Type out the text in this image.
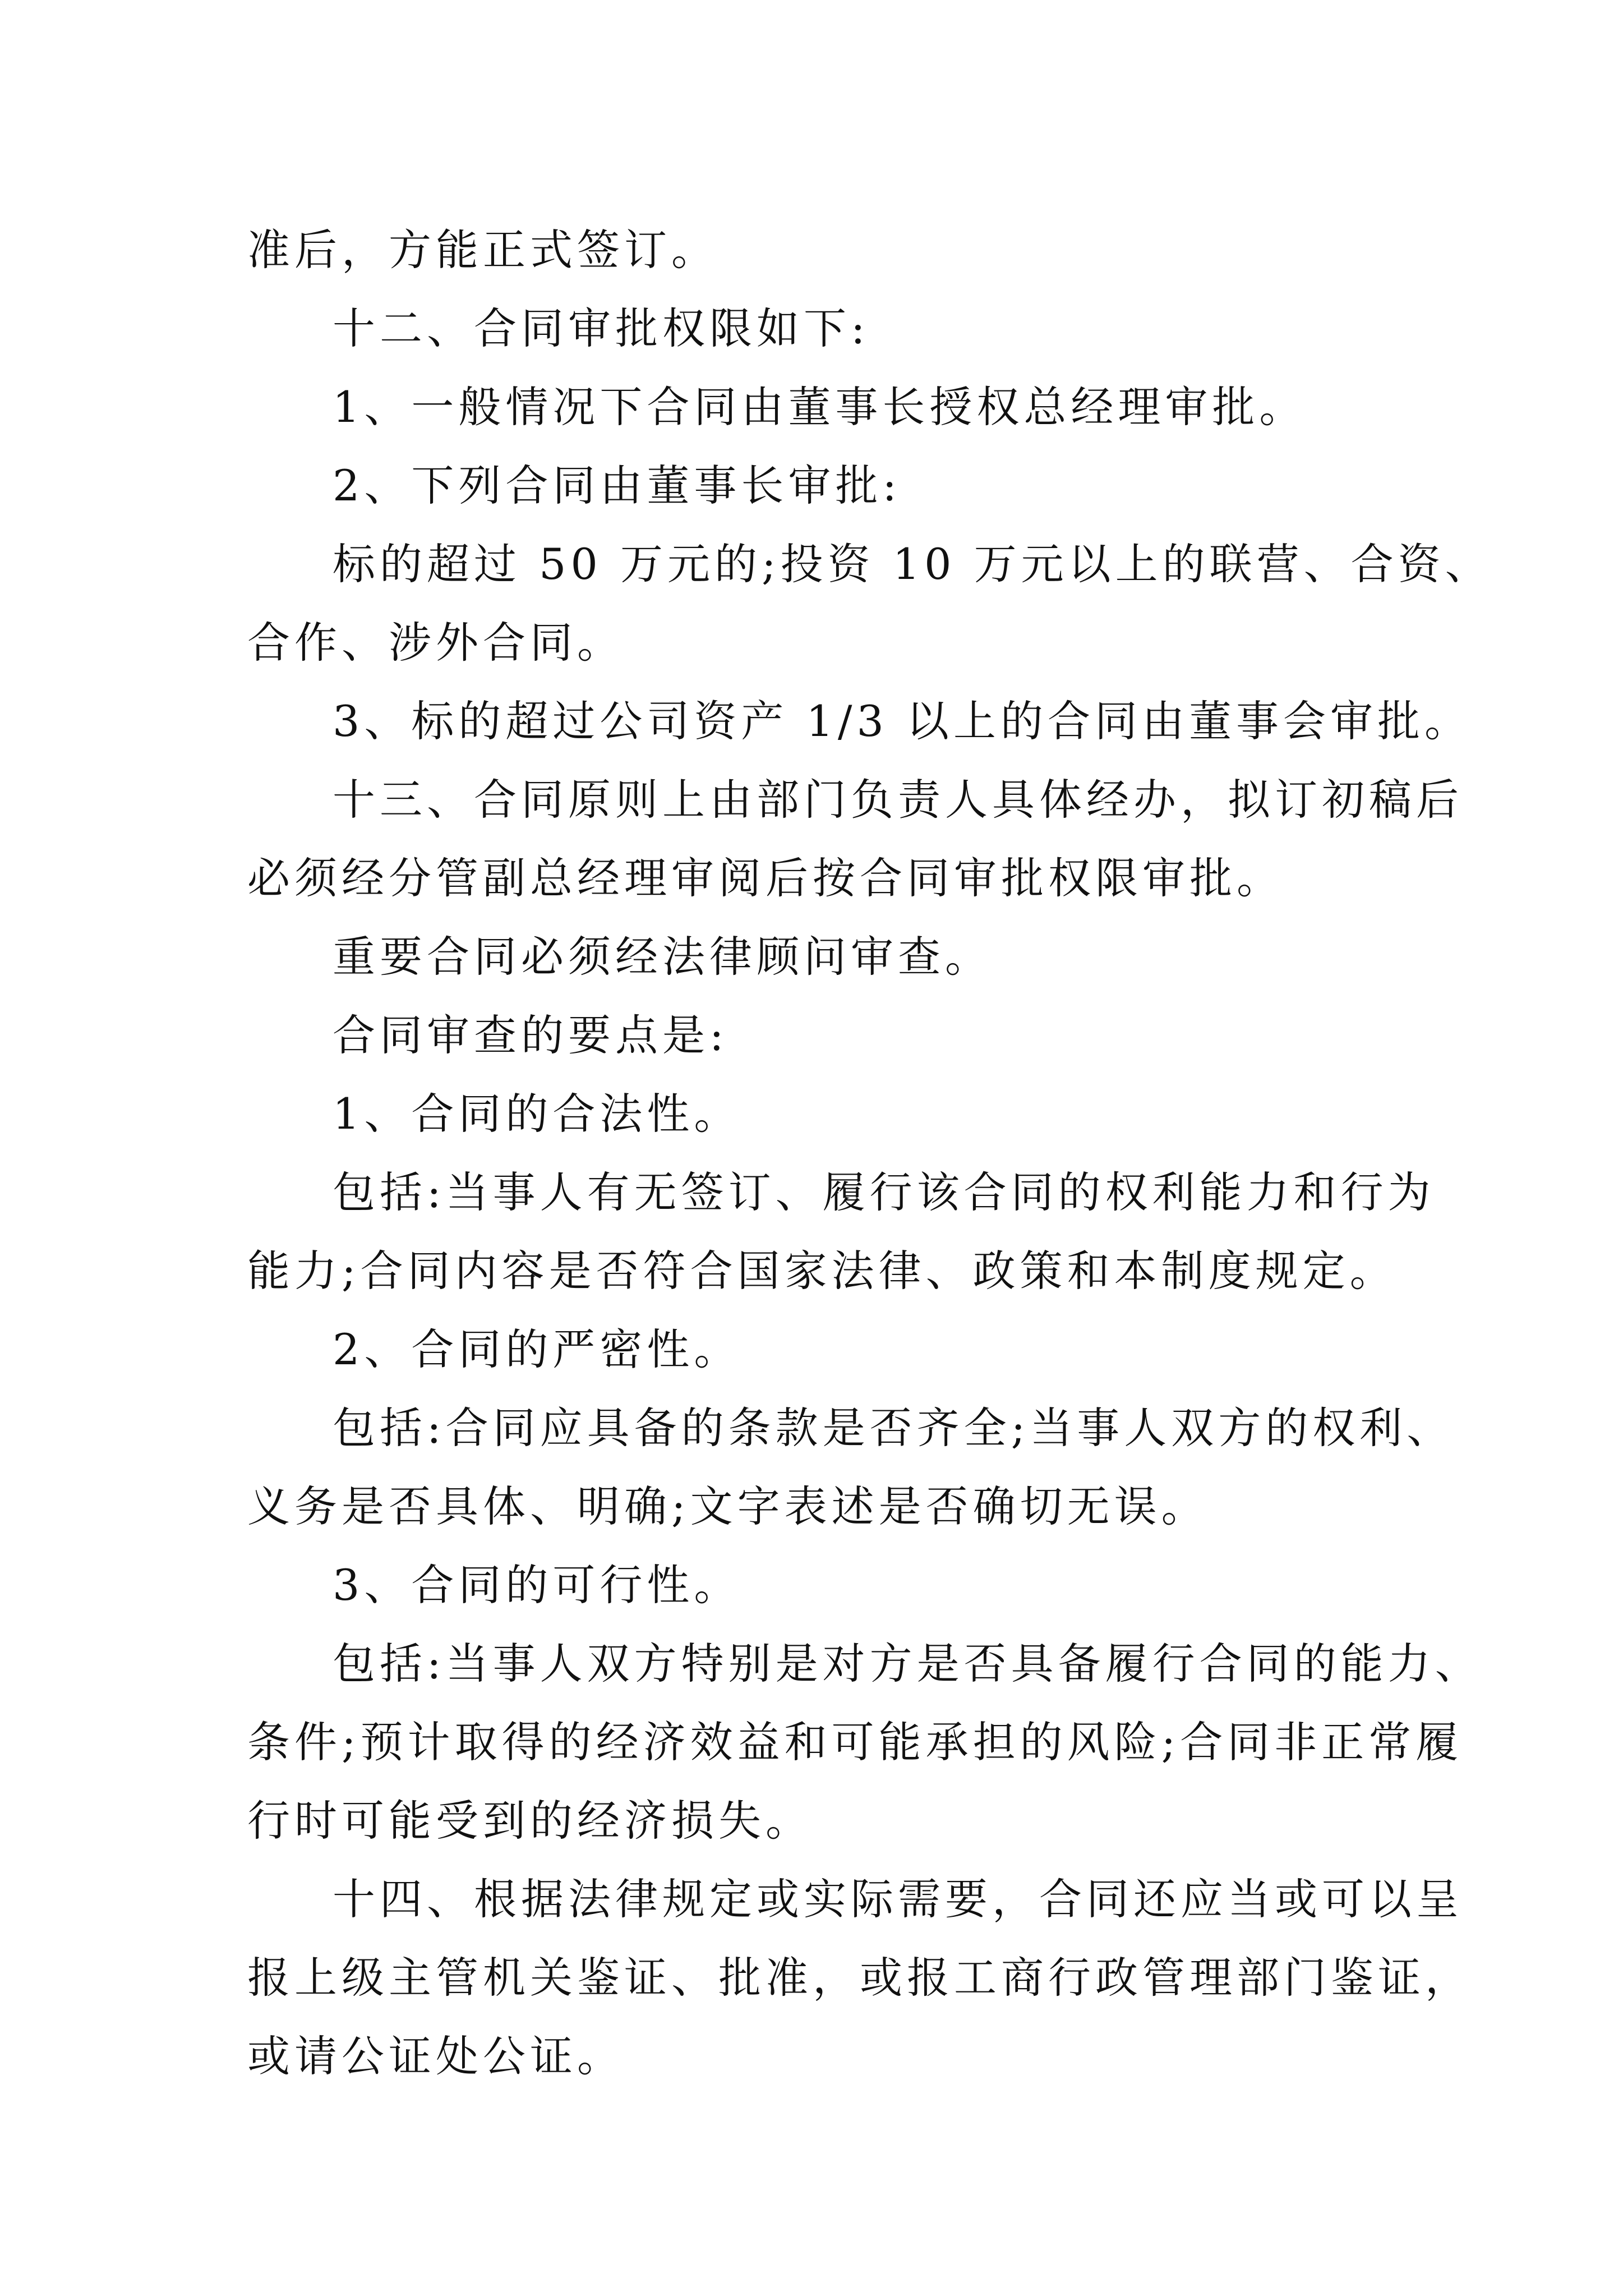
准后，方能正式签订。
十二、合同审批权限如下:
1、一般情况下合同由董事长授权总经理审批。
2、下列合同由董事长审批:
标的超过 50 万元的;投资 10 万元以上的联营、合资、
合作、涉外合同。
3、标的超过公司资产 1/3 以上的合同由董事会审批。
十三、合同原则上由部门负责人具体经办，拟订初稿后
必须经分管副总经理审阅后按合同审批权限审批。
重要合同必须经法律顾问审查。
合同审查的要点是:
1、合同的合法性。
包括:当事人有无签订、履行该合同的权利能力和行为
能力;合同内容是否符合国家法律、政策和本制度规定。
2、合同的严密性。
包括:合同应具备的条款是否齐全;当事人双方的权利、
义务是否具体、明确;文字表述是否确切无误。
3、合同的可行性。
包括:当事人双方特别是对方是否具备履行合同的能力、
条件;预计取得的经济效益和可能承担的风险;合同非正常履
行时可能受到的经济损失。
十四、根据法律规定或实际需要，合同还应当或可以呈
报上级主管机关鉴证、批准，或报工商行政管理部门鉴证，
或请公证处公证。
